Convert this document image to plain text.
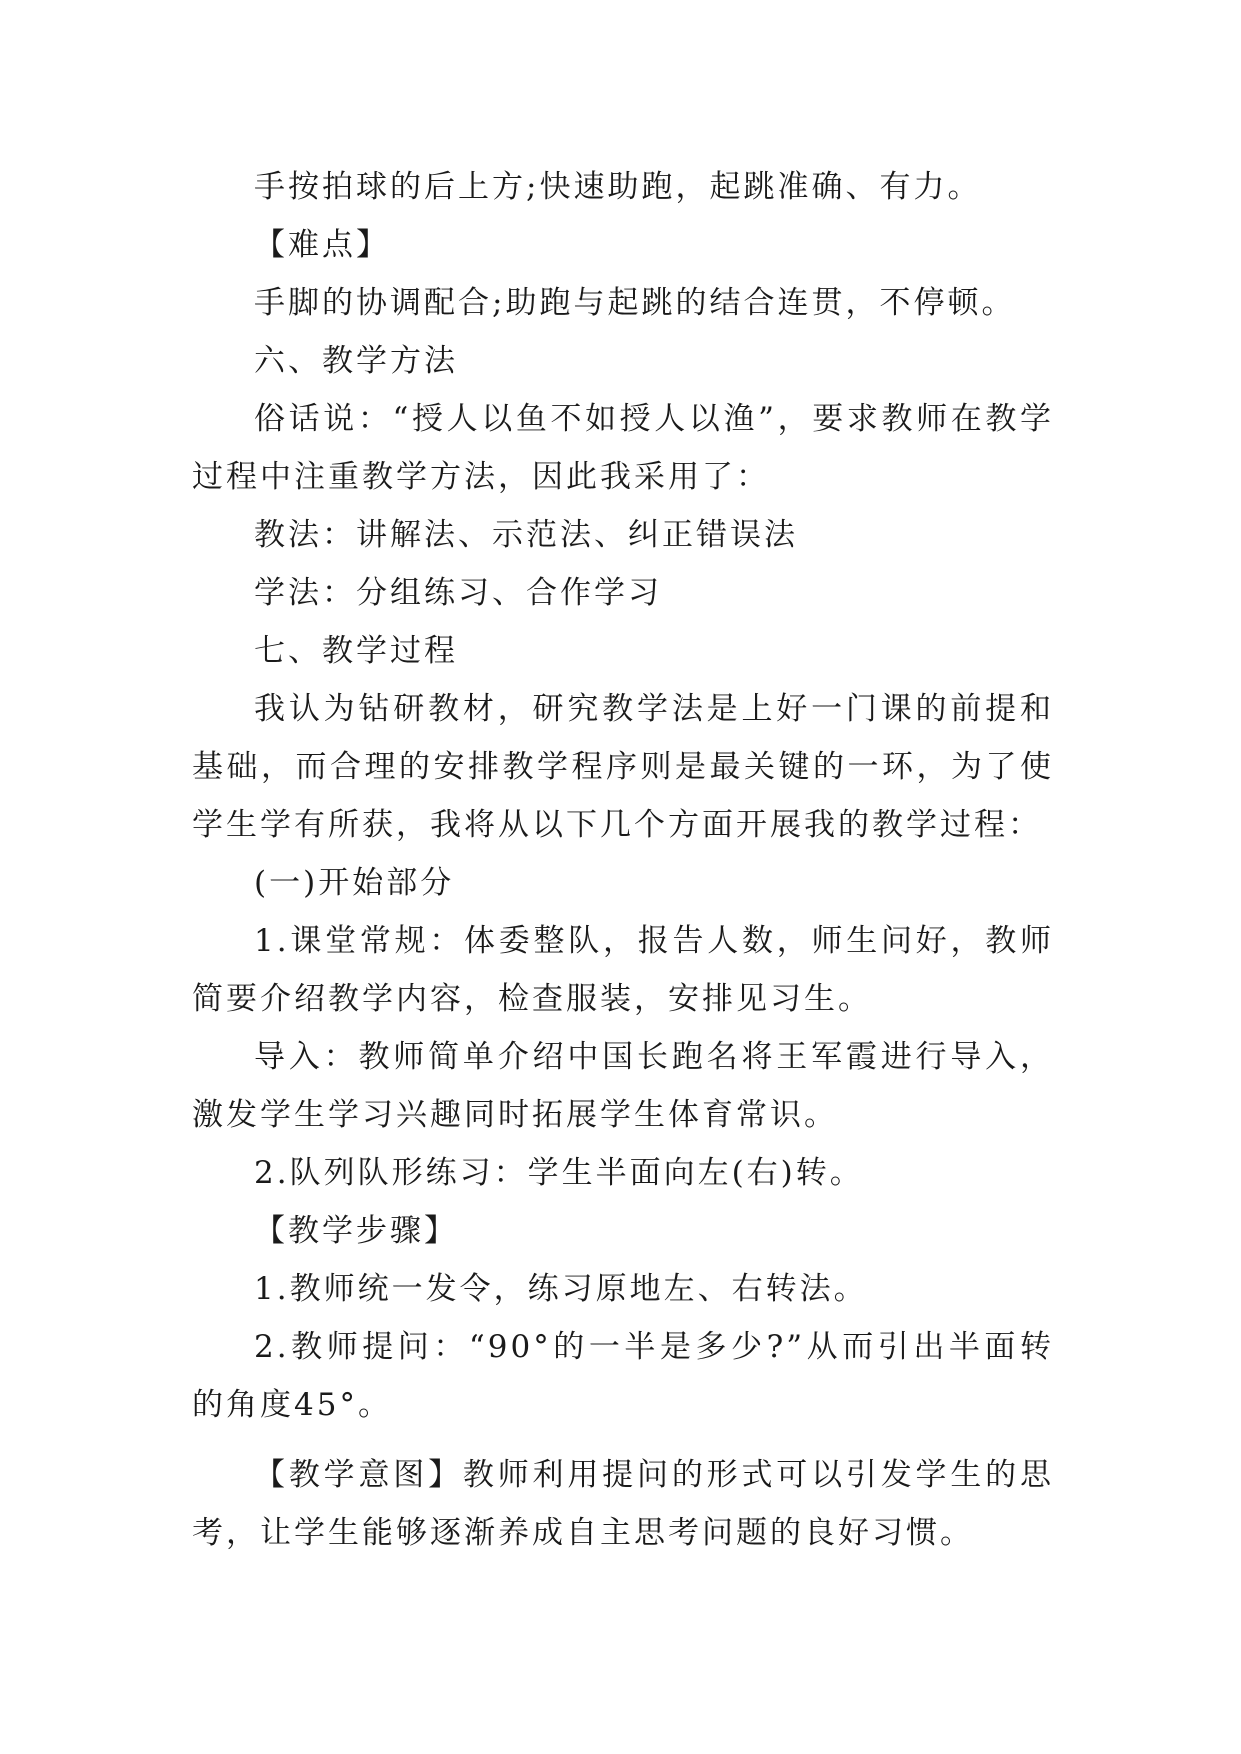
手按拍球的后上方;快速助跑，起跳准确、有力。

【难点】

手脚的协调配合;助跑与起跳的结合连贯，不停顿。

六、教学方法

俗话说：“授人以鱼不如授人以渔”，要求教师在教学过程中注重教学方法，因此我采用了：

教法：讲解法、示范法、纠正错误法

学法：分组练习、合作学习

七、教学过程

我认为钻研教材，研究教学法是上好一门课的前提和基础，而合理的安排教学程序则是最关键的一环，为了使学生学有所获，我将从以下几个方面开展我的教学过程：

(一)开始部分

1.课堂常规：体委整队，报告人数，师生问好，教师简要介绍教学内容，检查服装，安排见习生。

导入：教师简单介绍中国长跑名将王军霞进行导入，激发学生学习兴趣同时拓展学生体育常识。

2.队列队形练习：学生半面向左(右)转。

【教学步骤】

1.教师统一发令，练习原地左、右转法。

2.教师提问：“90°的一半是多少?”从而引出半面转的角度45°。

【教学意图】教师利用提问的形式可以引发学生的思考，让学生能够逐渐养成自主思考问题的良好习惯。
